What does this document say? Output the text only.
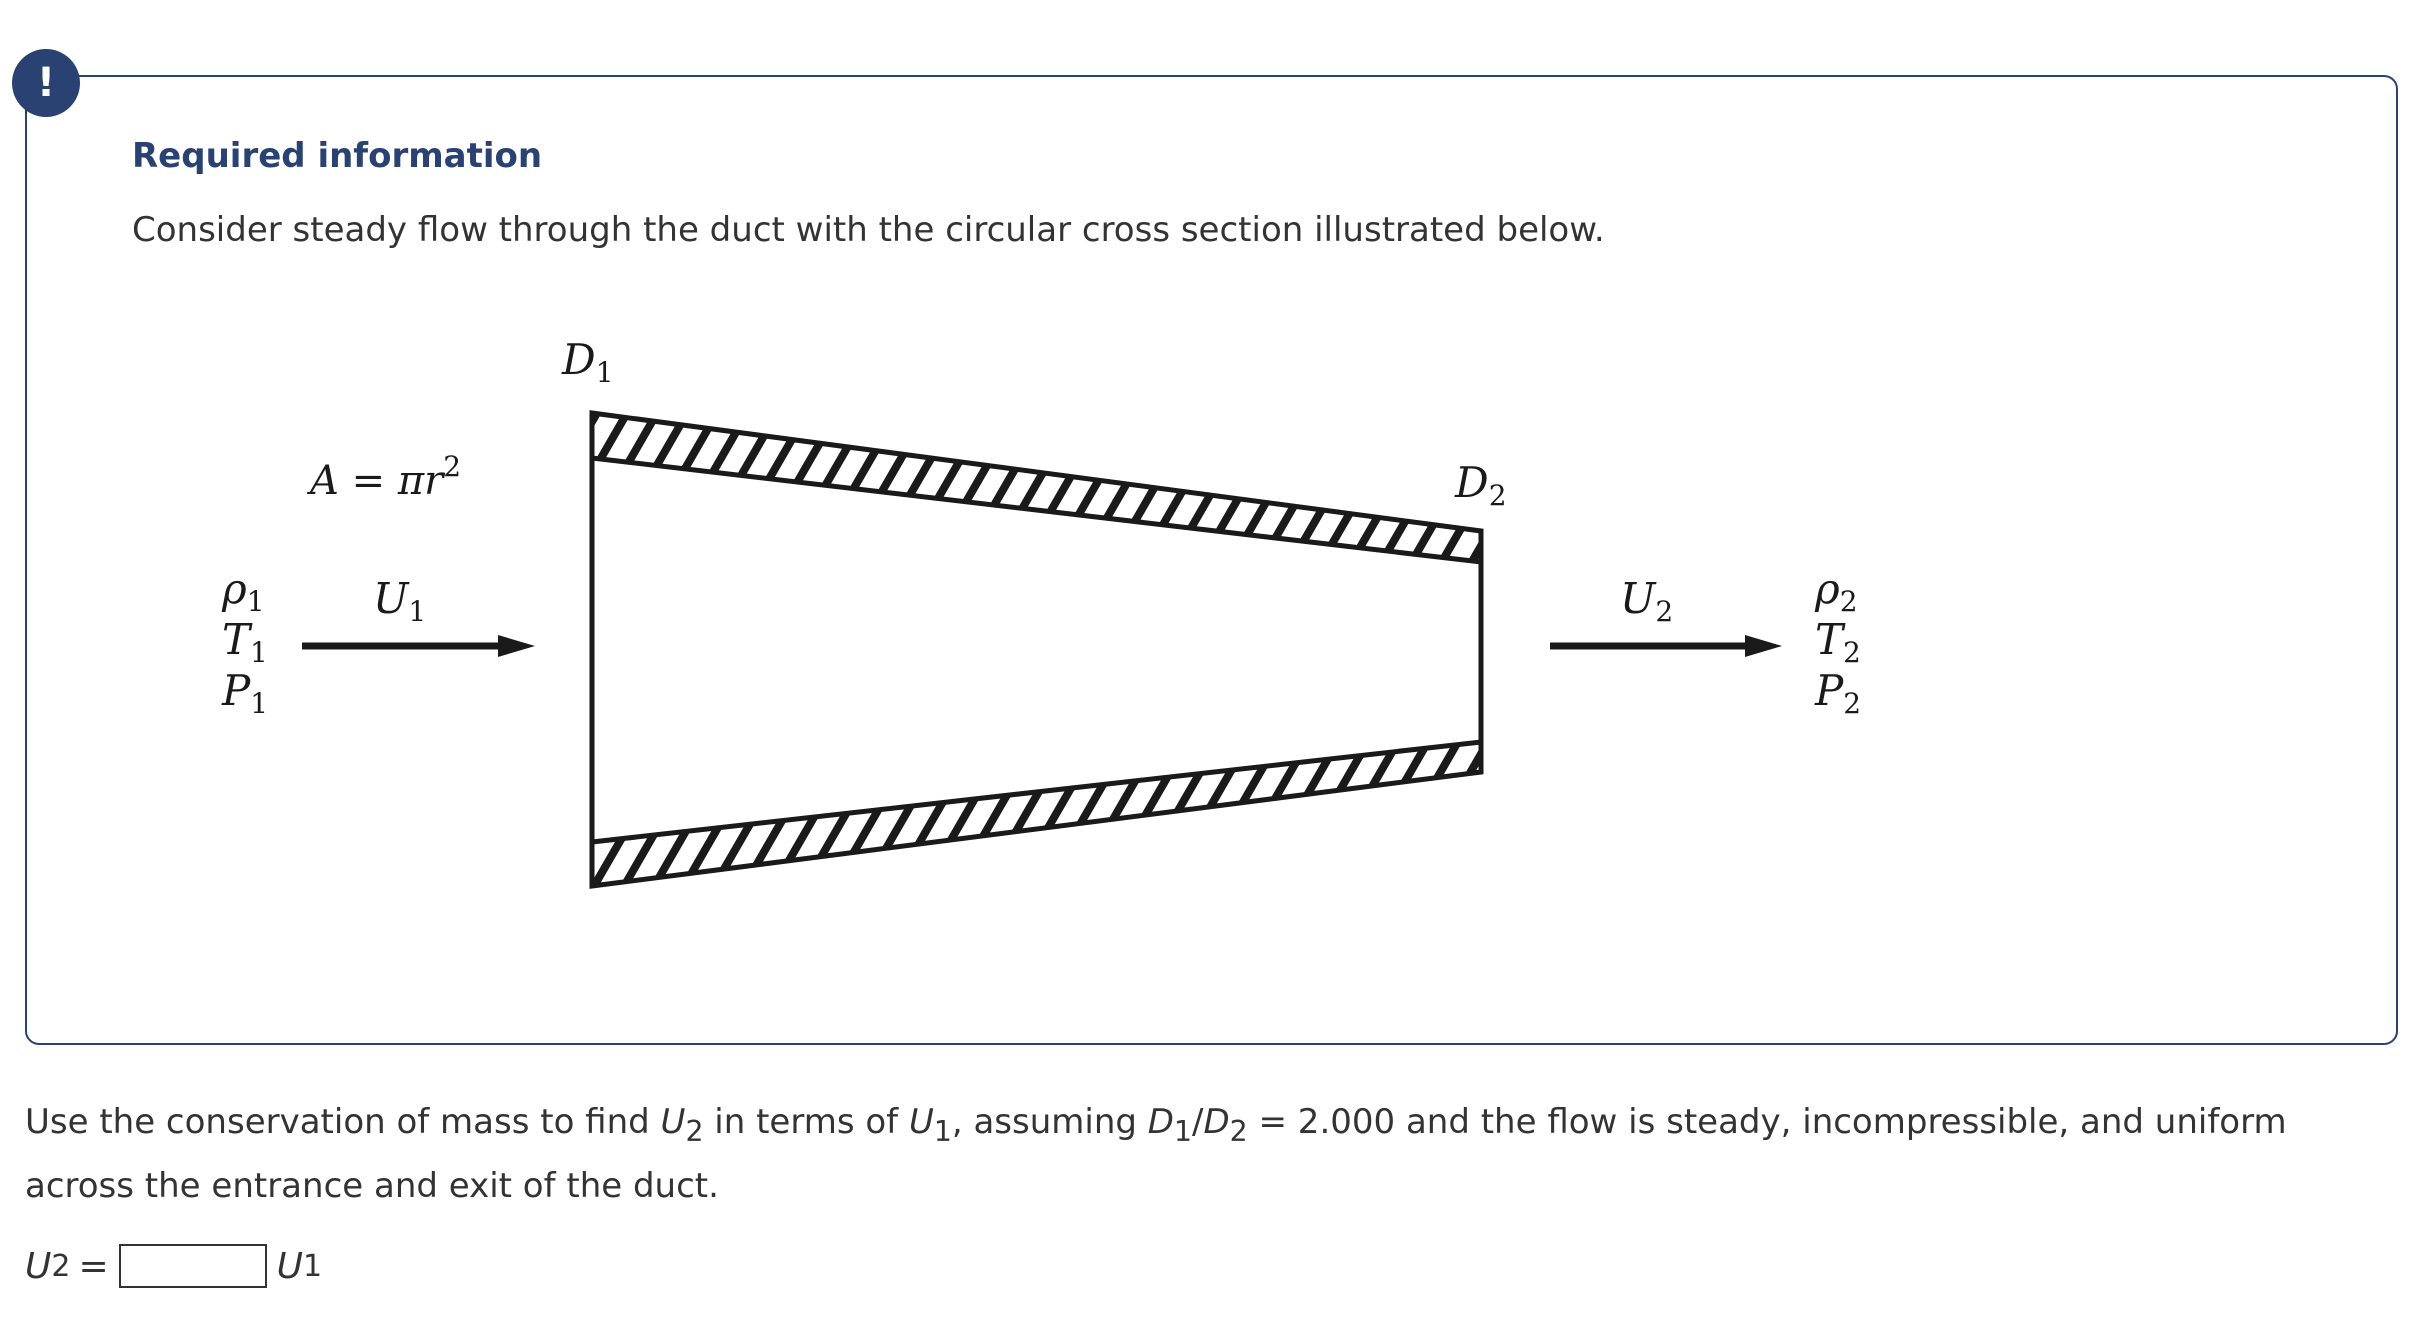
!
Required information
Consider steady flow through the duct with the circular cross section illustrated below.
D1
D2
$A = \pi r^2$
U1	U2
ρ1
T1
P1
ρ2
T2
P2
Use the conservation of mass to find $U_2$ in terms of $U_1$, assuming $D_1/D_2 = 2.000$ and the flow is steady, incompressible, and uniform across the entrance and exit of the duct.
U 2 =	U 1
